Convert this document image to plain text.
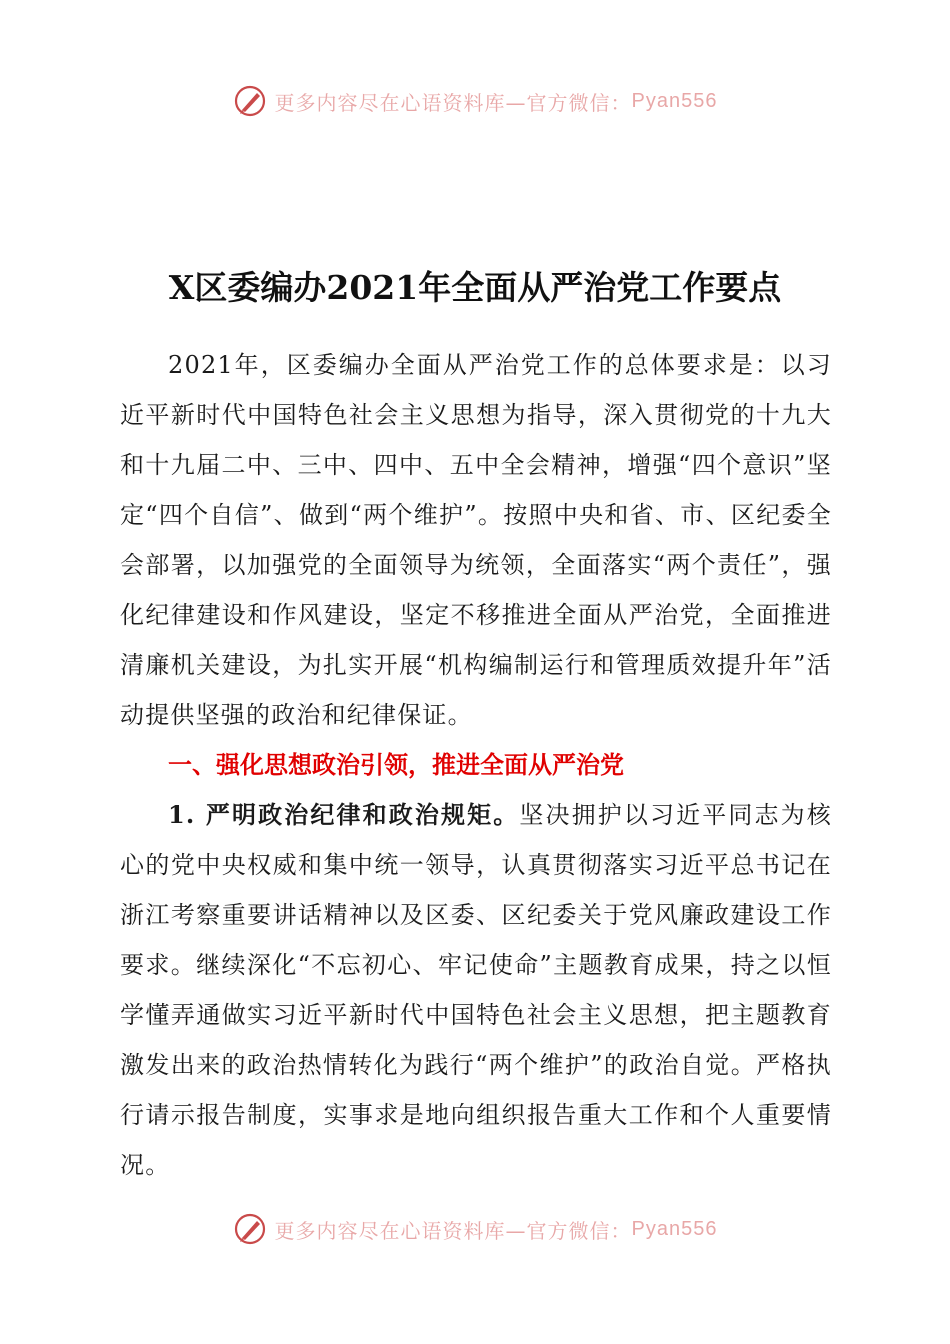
更多内容尽在心语资料库—官方微信： Pyan556
X区委编办2021年全面从严治党工作要点

2021年，区委编办全面从严治党工作的总体要求是：以习近平新时代中国特色社会主义思想为指导，深入贯彻党的十九大和十九届二中、三中、四中、五中全会精神，增强“四个意识”坚定“四个自信”、做到“两个维护”。按照中央和省、市、区纪委全会部署，以加强党的全面领导为统领，全面落实“两个责任”，强化纪律建设和作风建设，坚定不移推进全面从严治党，全面推进清廉机关建设，为扎实开展“机构编制运行和管理质效提升年”活动提供坚强的政治和纪律保证。

一、强化思想政治引领，推进全面从严治党

1. 严明政治纪律和政治规矩。坚决拥护以习近平同志为核心的党中央权威和集中统一领导，认真贯彻落实习近平总书记在浙江考察重要讲话精神以及区委、区纪委关于党风廉政建设工作要求。继续深化“不忘初心、牢记使命”主题教育成果，持之以恒学懂弄通做实习近平新时代中国特色社会主义思想，把主题教育激发出来的政治热情转化为践行“两个维护”的政治自觉。严格执行请示报告制度，实事求是地向组织报告重大工作和个人重要情况。

更多内容尽在心语资料库—官方微信： Pyan556
